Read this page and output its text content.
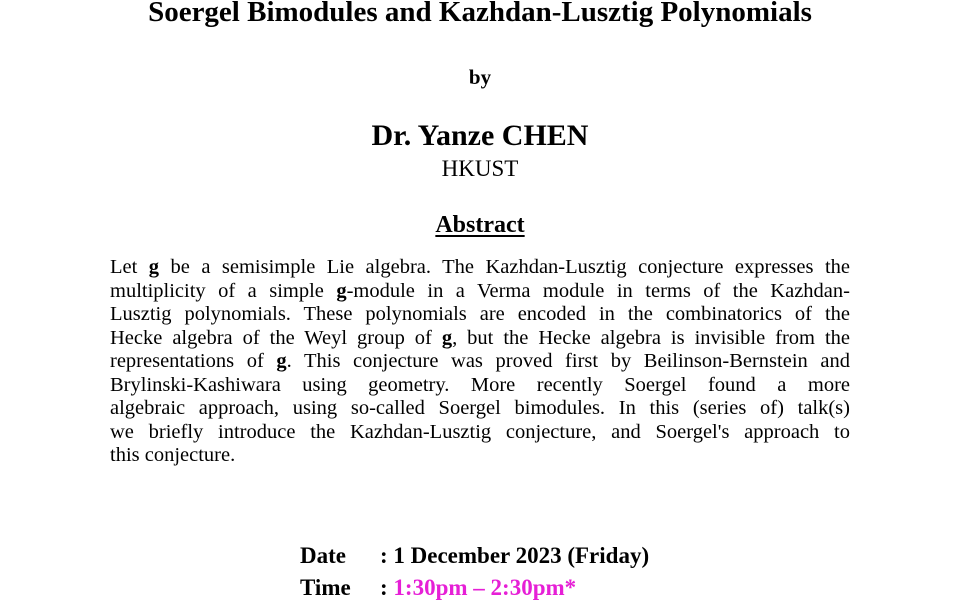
Soergel Bimodules and Kazhdan-Lusztig Polynomials
by
Dr. Yanze CHEN
HKUST
Abstract
Let g be a semisimple Lie algebra. The Kazhdan-Lusztig conjecture expresses the
multiplicity of a simple g-module in a Verma module in terms of the Kazhdan-
Lusztig polynomials. These polynomials are encoded in the combinatorics of the
Hecke algebra of the Weyl group of g, but the Hecke algebra is invisible from the
representations of g. This conjecture was proved first by Beilinson-Bernstein and
Brylinski-Kashiwara using geometry. More recently Soergel found a more
algebraic approach, using so-called Soergel bimodules. In this (series of) talk(s)
we briefly introduce the Kazhdan-Lusztig conjecture, and Soergel's approach to
this conjecture.
Date	: 1 December 2023 (Friday)
Time	: 1:30pm – 2:30pm*
